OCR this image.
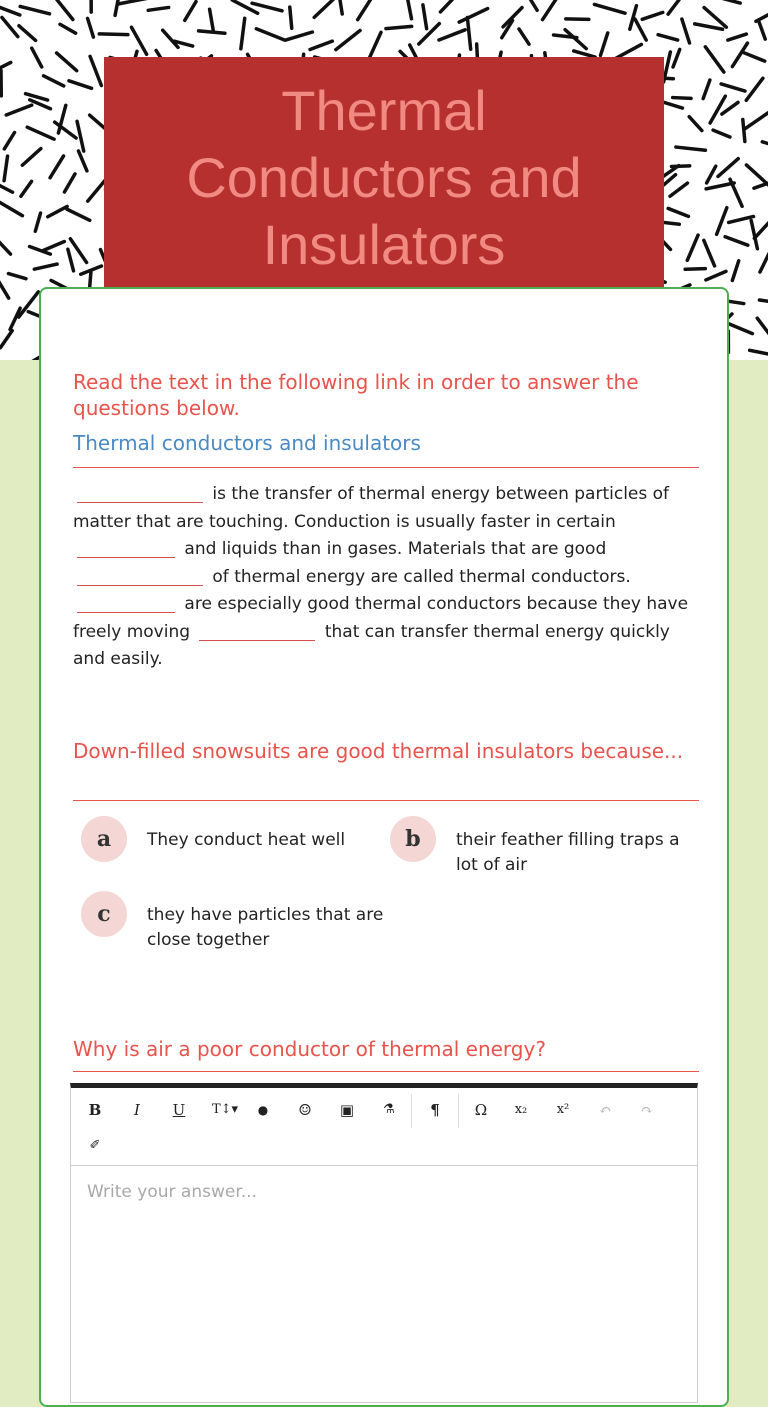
Thermal
Conductors and
Insulators
Read the text in the following link in order to answer the questions below.
Thermal conductors and insulators
is the transfer of thermal energy between particles of matter that are touching. Conduction is usually faster in certain  and liquids than in gases. Materials that are good  of thermal energy are called thermal conductors.  are especially good thermal conductors because they have freely moving	that can transfer thermal energy quickly and easily.
Down-filled snowsuits are good thermal insulators because...
a	They conduct heat well	b	their feather filling traps a lot of air
c	they have particles that are close together
Why is air a poor conductor of thermal energy?
B	I	U	T↕▾	●	☺	▣	⚗	¶	Ω	x₂	x²	↶	↷
✐
Write your answer...
